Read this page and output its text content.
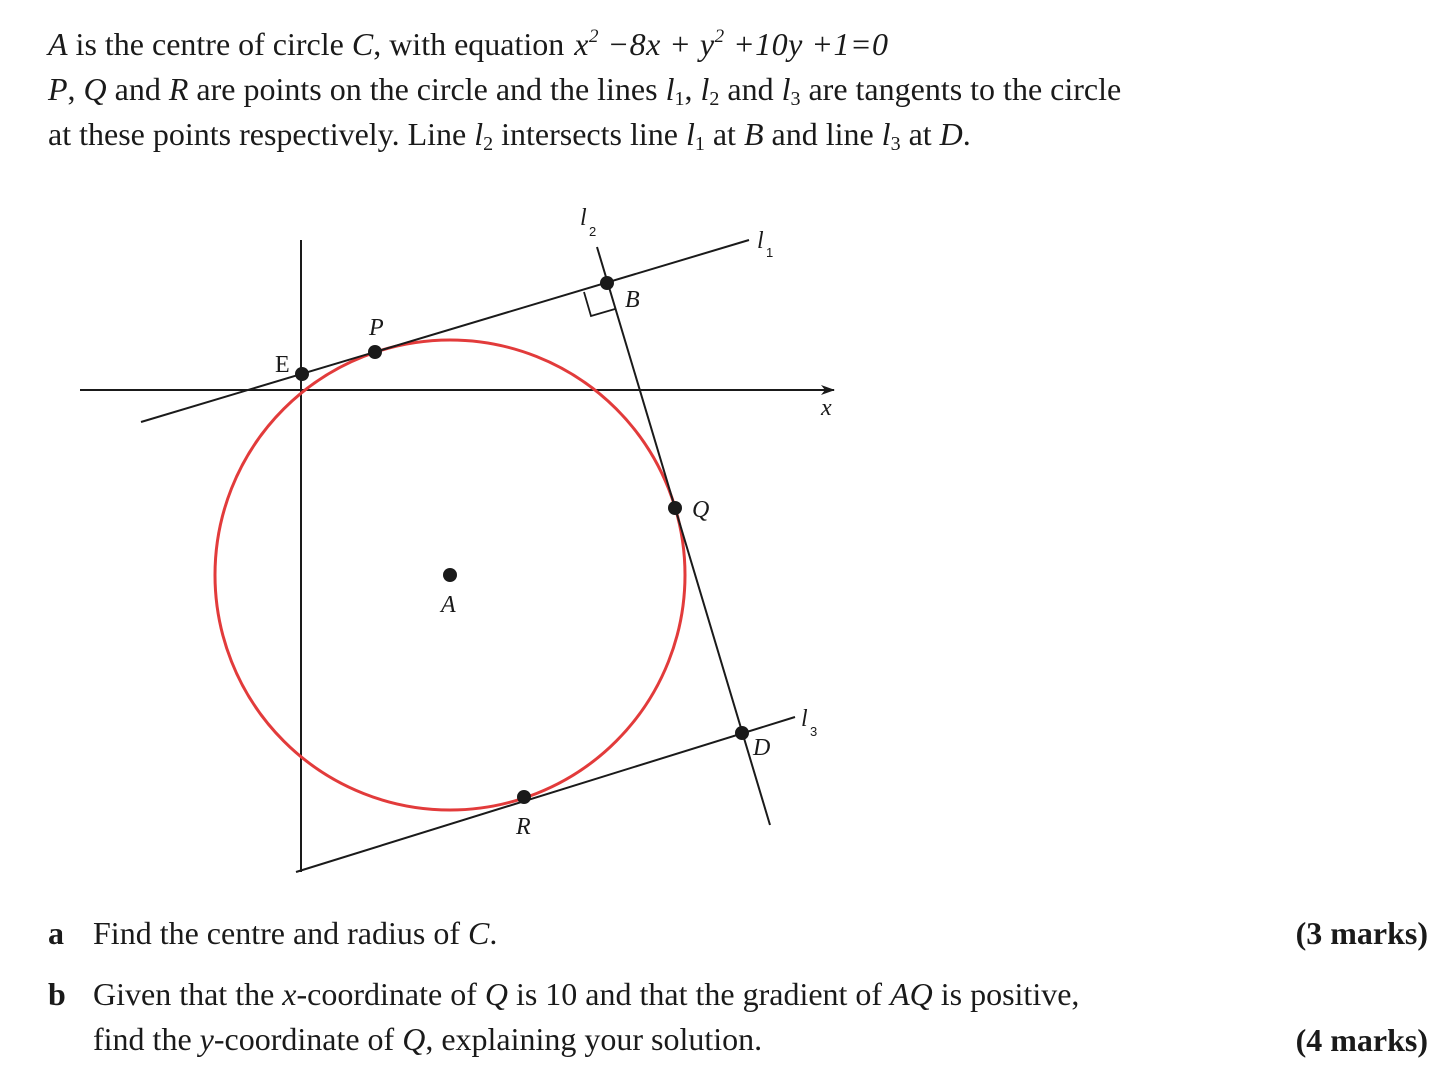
A is the centre of circle C, with equation $x^2 -8x + y^2 +10y +1=0$
P, Q and R are points on the circle and the lines $l_1$, $l_2$ and $l_3$ are tangents to the circle
at these points respectively. Line $l_2$ intersects line $l_1$ at B and line $l_3$ at D.
E
P
B
Q
A
D
R
x
l 1
l
2
l 3
a Find the centre and radius of C.	(3 marks)
b Given that the x-coordinate of Q is 10 and that the gradient of AQ is positive,
find the y-coordinate of Q, explaining your solution.	(4 marks)
